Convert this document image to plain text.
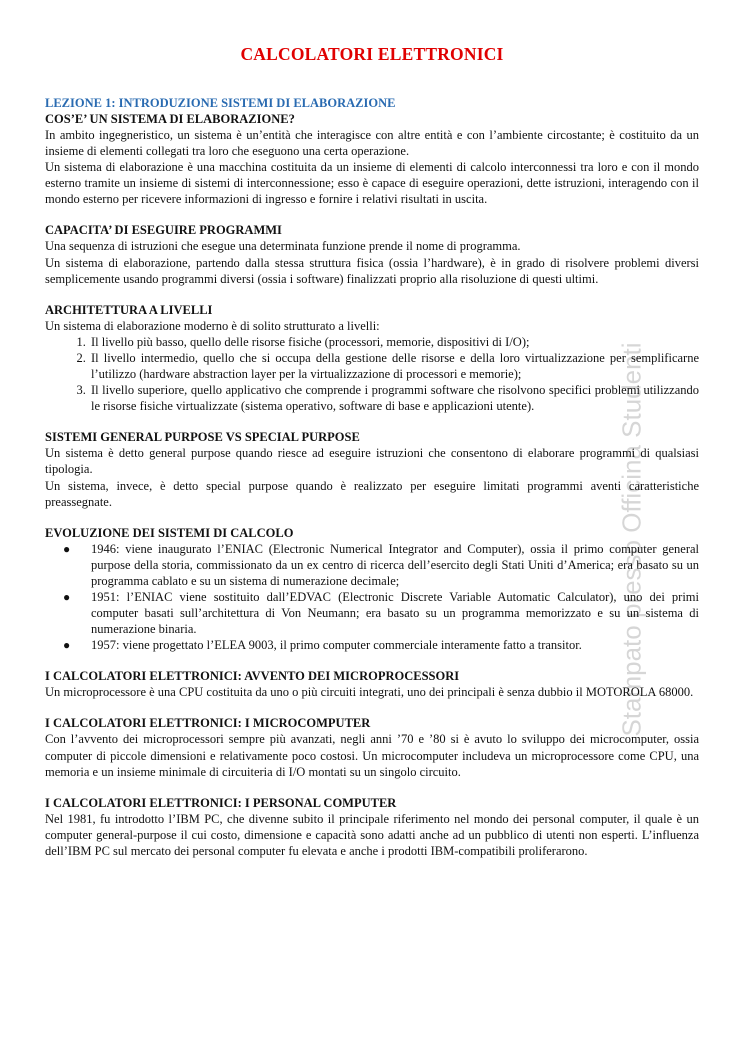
Stampato presso Officina Studenti
CALCOLATORI ELETTRONICI
LEZIONE 1: INTRODUZIONE SISTEMI DI ELABORAZIONE
COS’E’ UN SISTEMA DI ELABORAZIONE?

In ambito ingegneristico, un sistema è un’entità che interagisce con altre entità e con l’ambiente circostante; è costituito da un insieme di elementi collegati tra loro che eseguono una certa operazione.

Un sistema di elaborazione è una macchina costituita da un insieme di elementi di calcolo interconnessi tra loro e con il mondo esterno tramite un insieme di sistemi di interconnessione; esso è capace di eseguire operazioni, dette istruzioni, interagendo con il mondo esterno per ricevere informazioni di ingresso e fornire i relativi risultati in uscita.

CAPACITA’ DI ESEGUIRE PROGRAMMI

Una sequenza di istruzioni che esegue una determinata funzione prende il nome di programma.

Un sistema di elaborazione, partendo dalla stessa struttura fisica (ossia l’hardware), è in grado di risolvere problemi diversi semplicemente usando programmi diversi (ossia i software) finalizzati proprio alla risoluzione di questi ultimi.

ARCHITETTURA A LIVELLI

Un sistema di elaborazione moderno è di solito strutturato a livelli:

1. Il livello più basso, quello delle risorse fisiche (processori, memorie, dispositivi di I/O);
2. Il livello intermedio, quello che si occupa della gestione delle risorse e della loro virtualizzazione per semplificarne l’utilizzo (hardware abstraction layer per la virtualizzazione di processori e memorie);
3. Il livello superiore, quello applicativo che comprende i programmi software che risolvono specifici problemi utilizzando le risorse fisiche virtualizzate (sistema operativo, software di base e applicazioni utente).
SISTEMI GENERAL PURPOSE VS SPECIAL PURPOSE

Un sistema è detto general purpose quando riesce ad eseguire istruzioni che consentono di elaborare programmi di qualsiasi tipologia.

Un sistema, invece, è detto special purpose quando è realizzato per eseguire limitati programmi aventi caratteristiche preassegnate.

EVOLUZIONE DEI SISTEMI DI CALCOLO
● 1946: viene inaugurato l’ENIAC (Electronic Numerical Integrator and Computer), ossia il primo computer general purpose della storia, commissionato da un ex centro di ricerca dell’esercito degli Stati Uniti d’America; era basato su un programma cablato e su un sistema di numerazione decimale;
● 1951: l’ENIAC viene sostituito dall’EDVAC (Electronic Discrete Variable Automatic Calculator), uno dei primi computer basati sull’architettura di Von Neumann; era basato su un programma memorizzato e su un sistema di numerazione binaria.
● 1957: viene progettato l’ELEA 9003, il primo computer commerciale interamente fatto a transitor.
I CALCOLATORI ELETTRONICI: AVVENTO DEI MICROPROCESSORI

Un microprocessore è una CPU costituita da uno o più circuiti integrati, uno dei principali è senza dubbio il MOTOROLA 68000.

I CALCOLATORI ELETTRONICI: I MICROCOMPUTER

Con l’avvento dei microprocessori sempre più avanzati, negli anni ’70 e ’80 si è avuto lo sviluppo dei microcomputer, ossia computer di piccole dimensioni e relativamente poco costosi. Un microcomputer includeva un microprocessore come CPU, una memoria e un insieme minimale di circuiteria di I/O montati su un singolo circuito.

I CALCOLATORI ELETTRONICI: I PERSONAL COMPUTER

Nel 1981, fu introdotto l’IBM PC, che divenne subito il principale riferimento nel mondo dei personal computer, il quale è un computer general-purpose il cui costo, dimensione e capacità sono adatti anche ad un pubblico di utenti non esperti. L’influenza dell’IBM PC sul mercato dei personal computer fu elevata e anche i prodotti IBM-compatibili proliferarono.
